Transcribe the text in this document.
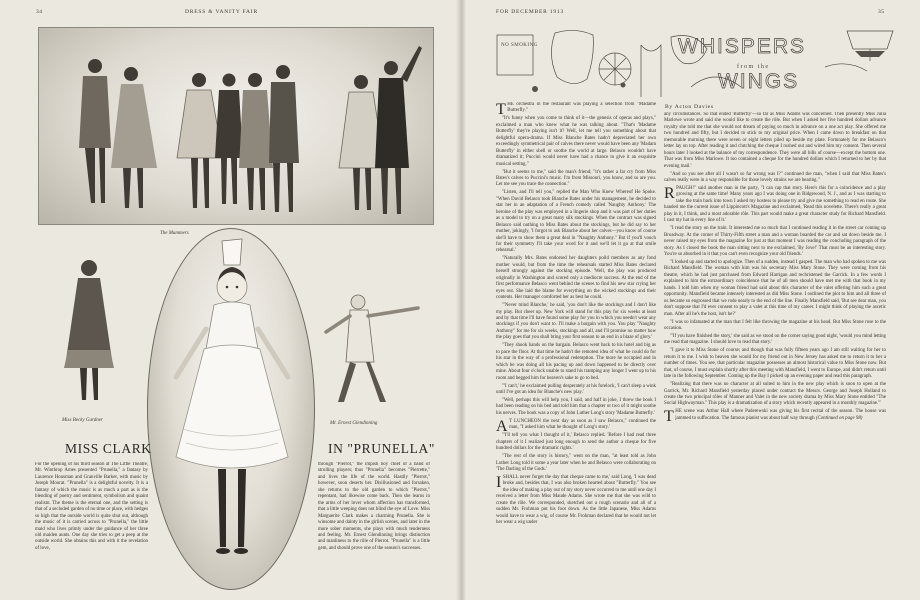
34	DRESS & VANITY FAIR
The Mummers
Miss Becky Gardner
Mr. Ernest Glendinning
MISS CLARK	IN "PRUNELLA"

For the opening of his third season at The Little Theatre, Mr. Winthrop Ames presented "Prunella," a fantasy by Laurence Housman and Granville Barker, with music by Joseph Moorat. "Prunella" is a delightful novelty. It is a fantasy of which the music is as much a part as is the blending of poetry and sentiment, symbolism and quaint realism. The theme is the eternal one, and the setting is that of a secluded garden of no time or place, with hedges so high that the outside world is quite shut out, although the music of it is carried across to "Prunella," the little maid who lives primly under the guidance of her three old maiden aunts. One day she tries to get a peep at the outside world. She obtains this and with it the revelation of love,

through "Pierrot," the impish boy chief of a band of strolling players; thus "Prunella" becomes "Pierrette," and lives the life of the world. Hastily "Pierrot," however, soon deserts her. Disillusioned and forsaken, she returns to the old garden to which "Pierrot," repentant, had likewise come back. Then she learns in the arms of her lover whom affection has transformed, that a little weeping does not blind the eye of Love. Miss Marguerite Clark makes a charming Prunella. She is winsome and dainty in the girlish scenes, and later in the more sober moments, she plays with much tenderness and feeling. Mr. Ernest Glendinning brings distinction and manliness to the rôle of Pierrot. "Prunella" is a little gem, and should prove one of the season's successes.

FOR DECEMBER 1913	35
NO SMOKING	WHISPERS
from the
WINGS
By Acton Davies

THE orchestra in the restaurant was playing a selection from "Madame Butterfly."

"It's funny when you come to think of it—the genesis of operas and plays," exclaimed a man who knew what he was talking about. "That's 'Madame Butterfly' they're playing isn't it? Well, let me tell you something about that delightful opera-drama. If Miss Blanche Bates hadn't depreciated her own exceedingly symmetrical pair of calves there never would have been any 'Madam Butterfly' in either shell or soothe the world at large. Belasco wouldn't have dramatized it; Puccini would never have had a chance to give it an exquisite musical setting."

"But it seems to me," said the man's friend; "it's rather a far cry from Miss Bates's calves to Puccini's music. I'm from Missouri, you know, and so are you. Let me see you trace the connection."

"Listen, and I'll tell you," replied the Man Who Knew Whereof He Spoke. "When David Belasco took Blanche Bates under his management, he decided to star her in an adaptation of a French comedy called 'Naughty Anthony.' The heroine of the play was employed in a lingerie shop and it was part of her duties as a model to try on a great many silk stockings. When the contract was signed Belasco said nothing to Miss Bates about the stockings, but he did say to her mother, jokingly, 'I forgot to ask Blanche about her calves—you know of course she'll have to show them a great deal in "Naughty Anthony." But if you'll vouch for their symmetry I'll take your word for it and we'll let it go at that smile rehearsal.'

"Naturally Mrs. Bates endorsed her daughters poild members as any fond mother would, but from the time the rehearsals started Miss Bates declared herself strongly against the stocking episode. 'Well, the play was produced originally in Washington and scored only a mediocre success. At the end of the first performance Belasco went behind the scenes to find his new star crying her eyes out. She laid the blame for everything on the wicked stockings and their contents. Her manager comforted her as best he could.

"'Never mind Blanche,' he said, 'you don't like the stockings and I don't like my play. But cheer up. New York will stand for this play for six weeks at least and by that time I'll have found some play for you in which you needn't wear any stockings if you don't want to. I'll make a bargain with you. You play "Naughty Anthony" for me for six weeks, stockings and all, and I'll promise no matter how the play goes that you shall bring your first season to an end in a blaze of glory.'

"They shook hands on the bargain. Belasco went back to his hotel and big as to pace the floor. At that time he hadn't the remotest idea of what he could do for his star in the way of a professional redemption. The more he occupied and in which he was doing all his pacing up and down happened to be directly over mine. About four o'clock unable to stand his tramping any longer I went up to his room and begged him for heaven's sake to go to bed.

"'I can't,' he exclaimed pulling desperately at his forelock, 'I can't sleep a wink until I've got an idea for Blanche's new play.'

"Well, perhaps this will help you, I said, and half in joke, I threw the book I had been reading on his bed and told him that a chapter or two of it might soothe his nerves. The book was a copy of John Luther Long's story 'Madame Butterfly.'

A T LUNCHEON the next day as soon as I saw Belasco," continued the man, "I asked him what he thought of Long's story.'

"'I'll tell you what I thought of it,' Belasco replied. 'Before I had read three chapters of it I realized just long enough to send the author a cheque for five hundred dollars for the dramatic rights.'

"The rest of the story is history," went on the man, "at least told as John Luther Long told it some a year later when he and Belasco were collaborating on 'The Darling of the Gods.'

ISHALL never forget the day that cheque came to me,' said Long, 'I was dead broke and, besides that, I was also broken hearted about "Butterfly." You see the idea of making a play out of my story never occurred to me until one day I received a letter from Miss Maude Adams. She wrote me that she was wild to create the rôle. We corresponded, sketched out a rough scenario and all of a sudden Mr. Frohman put his foot down. As the little Japanese, Miss Adams would have to wear a wig, of course Mr. Frohman declared that he would not let her wear a wig under

any circumstances. So that ended 'Butterfly'—so far as Miss Adams was concerned. Then presently Miss Julia Marlowe wrote and said she would like to create the rôle. But when I asked her five hundred dollars advance royalty she told me that she would not dream of paying so much in advance on a one act play. She offered me two hundred and fifty, but I decided to stick to my original price. When I came down to breakfast on that memorable morning there were seven or eight letters piled up beside my plate. Fortunately for me Belasco's letter lay on top. After reading it and clutching the cheque I rushed out and wired him my consent. Then several hours later I looked at the balance of my correspondence. They were all bills of course—except the bottom one. That was from Miss Marlowe. It too contained a cheque for the hundred dollars which I returned to her by that evening mail.'

"And so you see after all I wasn't so far wrong was I?" continued the man, "when I said that Miss Bates's calves really were in a way responsible for those lovely strains we are hearing."

RPAUGH!" said another man in the party, "I can cap that story. Here's this for a coincidence and a play growing at the same time! Many years ago I was doing one in Ridgewood, N. J., and as I was starting to take the train back into town I asked my hostess to please try and give me something to read en route. She handed me the current issue of Lippincott's Magazine and exclaimed, 'Read this novelette. There's really a great play in it, I think, and a most adorable rôle. This part would make a great character study for Richard Mansfield. I cast my hat in every line of it.'

"I read the story on the train. It interested me so much that I continued reading it in the street car coming up Broadway. At the corner of Thirty-Fifth street a man and a woman boarded the car and sat down beside me. I never raised my eyes from the magazine for just at that moment I was reading the concluding paragraph of the story. As I closed the book the man sitting next to me exclaimed, 'By Jove!' That must be an interesting story. You're so absorbed in it that you can't even recognize your old friends.'

"I looked up and started to apologize. Then of a sudden, instead I gasped. The man who had spoken to me was Richard Mansfield. The woman with him was his secretary Miss Mary Stone. They were coming from his theatre, which he had just purchased from Edward Harrigan and rechristened the Garrick. In a few words I explained to him the extraordinary coincidence that he of all men should have met me with that book in my hands. I told him when my woman friend had said about this character of the valet offering him such a great opportunity. Mansfield became intensely interested as did Miss Stone. I outlined the plot to him and all three of us became so engrossed that we rode nearly to the end of the line. Finally Mansfield said, 'But see dear man, you don't suppose that I'd ever consent to play a valet at this time of my career. I might think of playing the ascetic man. After all he's the host, isn't he?'

"I was so infatuated at the man that I felt like throwing the magazine at his head. But Miss Stone rose to the occasion.

"'If you have finished the story,' she said as we stood on the corner saying good night, 'would you mind letting me read that magazine. I should love to read that story.'

"I gave it to Miss Stone of course; and though that was fully fifteen years ago I am still waiting for her to return it to me. I wish to heaven she would for my friend out in New Jersey has asked me to return it to her a number of times. You see, that particular magazine possesses an almost historical value to Miss Stone now. But that, of course, I must explain shortly after this meeting with Mansfield, I went to Europe, and didn't return until late in the following September. Coming up the Bay I picked up an evening paper and read this paragraph.

"Realizing that there was no character at all suited to him in the new play which is soon to open at the Garrick, Mr. Richard Mansfield yesterday placed under contract the Messrs. George and Joseph Holland to create the two principal rôles of Manner and Valet in the new society drama by Miss Mary Stone entitled "The Social Highwayman." This play is a dramatization of a story which recently appeared in a monthly magazine.'"

THE scene was Arthur Hall where Paderewski was giving his first recital of the season. The house was jammed to suffocation. The famous pianist was about half way through (Continued on page 98)
